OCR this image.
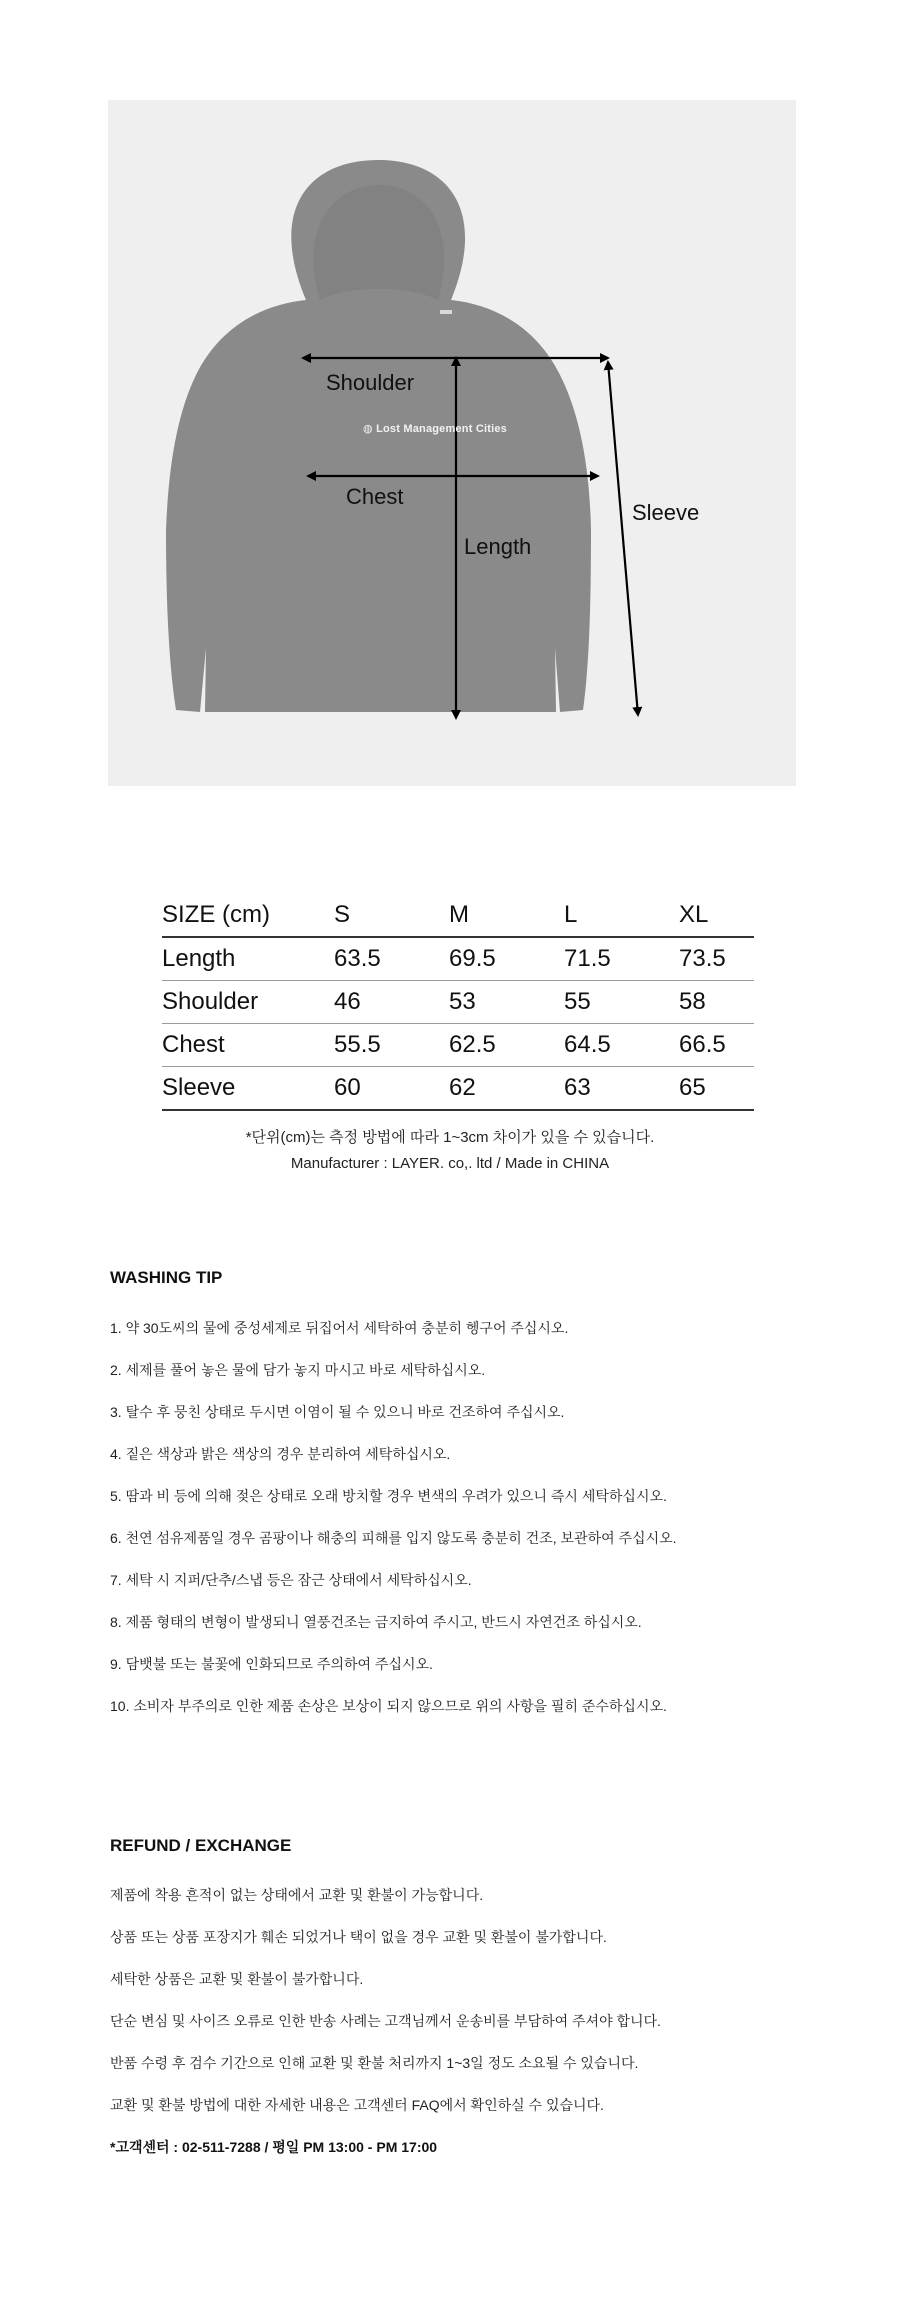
◍ Lost Management Cities
Shoulder
Chest
Length
Sleeve
SIZE (cm)	S	M	L	XL
Length	63.5	69.5	71.5	73.5
Shoulder	46	53	55	58
Chest	55.5	62.5	64.5	66.5
Sleeve	60	62	63	65
*단위(cm)는 측정 방법에 따라 1~3cm 차이가 있을 수 있습니다.
Manufacturer : LAYER. co,. ltd / Made in CHINA
WASHING TIP
1. 약 30도씨의 물에 중성세제로 뒤집어서 세탁하여 충분히 헹구어 주십시오.
2. 세제를 풀어 놓은 물에 담가 놓지 마시고 바로 세탁하십시오.
3. 탈수 후 뭉친 상태로 두시면 이염이 될 수 있으니 바로 건조하여 주십시오.
4. 짙은 색상과 밝은 색상의 경우 분리하여 세탁하십시오.
5. 땀과 비 등에 의해 젖은 상태로 오래 방치할 경우 변색의 우려가 있으니 즉시 세탁하십시오.
6. 천연 섬유제품일 경우 곰팡이나 해충의 피해를 입지 않도록 충분히 건조, 보관하여 주십시오.
7. 세탁 시 지퍼/단추/스냅 등은 잠근 상태에서 세탁하십시오.
8. 제품 형태의 변형이 발생되니 열풍건조는 금지하여 주시고, 반드시 자연건조 하십시오.
9. 담뱃불 또는 불꽃에 인화되므로 주의하여 주십시오.
10. 소비자 부주의로 인한 제품 손상은 보상이 되지 않으므로 위의 사항을 필히 준수하십시오.
REFUND / EXCHANGE
제품에 착용 흔적이 없는 상태에서 교환 및 환불이 가능합니다.
상품 또는 상품 포장지가 훼손 되었거나 택이 없을 경우 교환 및 환불이 불가합니다.
세탁한 상품은 교환 및 환불이 불가합니다.
단순 변심 및 사이즈 오류로 인한 반송 사례는 고객님께서 운송비를 부담하여 주셔야 합니다.
반품 수령 후 검수 기간으로 인해 교환 및 환불 처리까지 1~3일 정도 소요될 수 있습니다.
교환 및 환불 방법에 대한 자세한 내용은 고객센터 FAQ에서 확인하실 수 있습니다.
*고객센터 : 02-511-7288 / 평일 PM 13:00 - PM 17:00
